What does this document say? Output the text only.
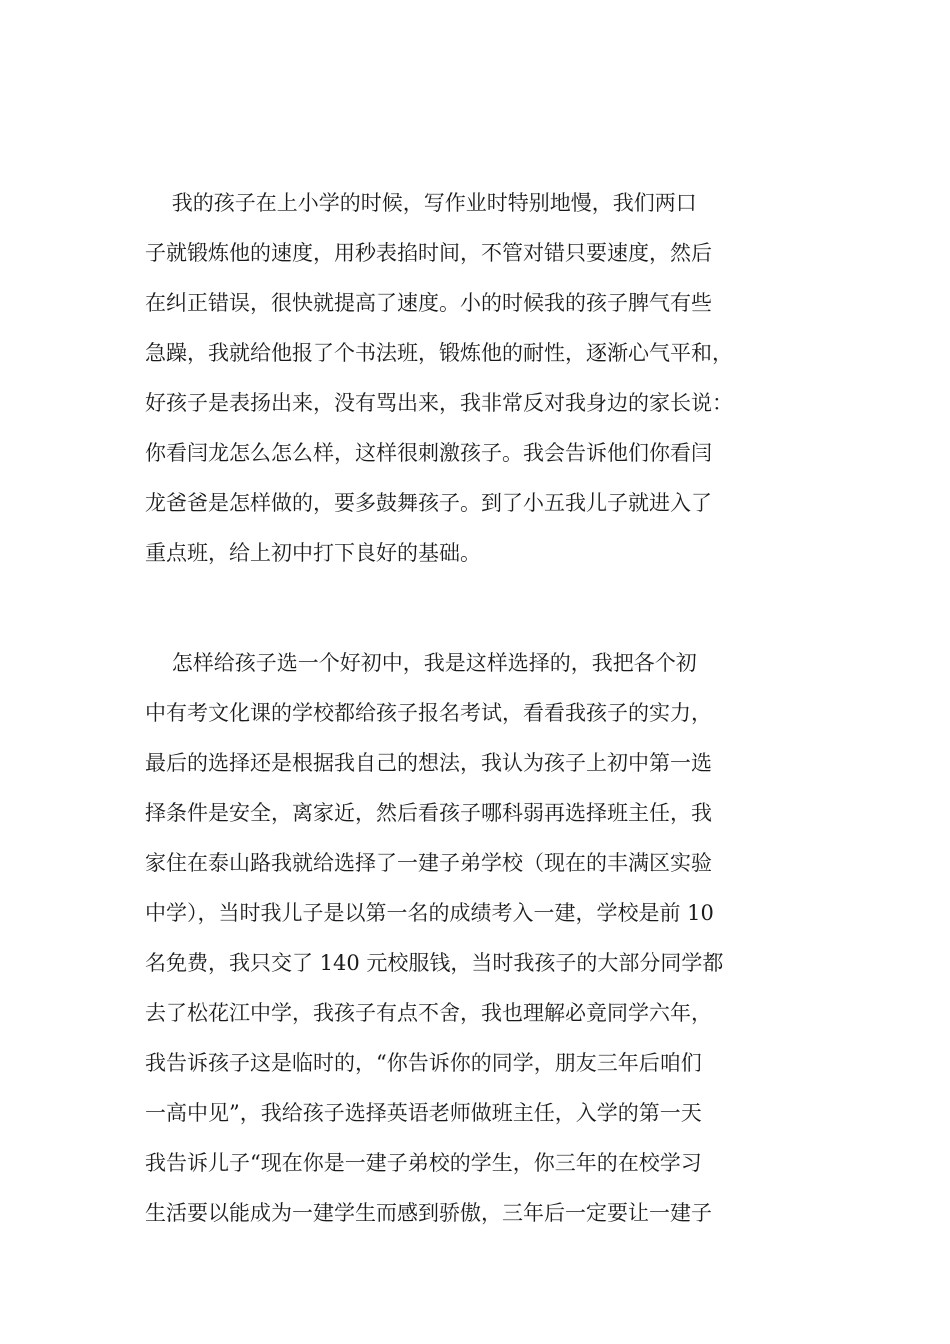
我的孩子在上小学的时候，写作业时特别地慢，我们两口
子就锻炼他的速度，用秒表掐时间，不管对错只要速度，然后
在纠正错误，很快就提高了速度。小的时候我的孩子脾气有些
急躁，我就给他报了个书法班，锻炼他的耐性，逐渐心气平和，
好孩子是表扬出来，没有骂出来，我非常反对我身边的家长说：
你看闫龙怎么怎么样，这样很刺激孩子。我会告诉他们你看闫
龙爸爸是怎样做的，要多鼓舞孩子。到了小五我儿子就进入了
重点班，给上初中打下良好的基础。
怎样给孩子选一个好初中，我是这样选择的，我把各个初
中有考文化课的学校都给孩子报名考试，看看我孩子的实力，
最后的选择还是根据我自己的想法，我认为孩子上初中第一选
择条件是安全，离家近，然后看孩子哪科弱再选择班主任，我
家住在泰山路我就给选择了一建子弟学校（现在的丰满区实验
中学），当时我儿子是以第一名的成绩考入一建，学校是前 10
名免费，我只交了 140 元校服钱，当时我孩子的大部分同学都
去了松花江中学，我孩子有点不舍，我也理解必竟同学六年，
我告诉孩子这是临时的，“你告诉你的同学，朋友三年后咱们
一高中见”，我给孩子选择英语老师做班主任，入学的第一天
我告诉儿子“现在你是一建子弟校的学生，你三年的在校学习
生活要以能成为一建学生而感到骄傲，三年后一定要让一建子
